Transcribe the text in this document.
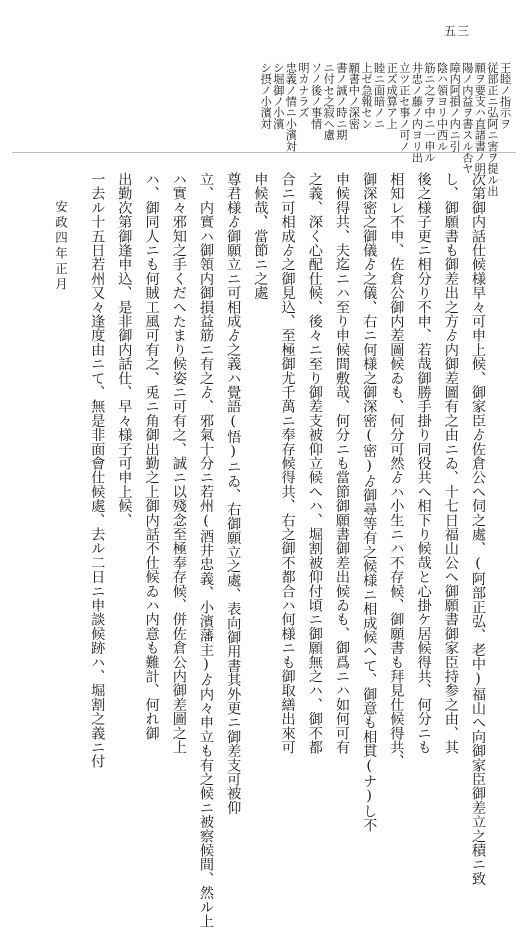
五三
王睦ノ指示ヲ
従部正ニ弘阿ニ害ヲ提ル出
願ヲ要支ハ直諸書ノ明
陽ノ内益ヲ書スル否ヤ
障内阿損ノ内ニ引
陰ハ領ヨリ中西ル
筋ニ之ヲ中ニ一申ル
井忠ノ藤ノ内ヨリ出
立ツ正セ事ノ可ノ
正ズ成算ア上
睦ニ面暗ノニ
上ゼ急報セン
願書中ノ深密
書ノ誠ノ時ニ期
ニ付セ之寂ヘ慮
ソノ後ノ事情
明カナラズ
忠義ノ情ニ小濱対
シ堀御ノ小濱
シ摂ノ小濱対
次第御内話仕候様早々可申上候、御家臣ゟ佐倉公へ伺之處、(阿部正弘、老中)福山へ向御家臣御差立之積ニ致
し、御願書も御差出之方ゟ内御差圖有之由ニゐ、十七日福山公へ御願書御家臣持参之由、其
後之様子更ニ相分り不申、若哉御勝手掛り同役共へ相下り候哉と心掛ケ居候得共、何分ニも
相知レ不申、佐倉公御内差圖候ゐも、何分可然ゟハ小生ニハ不存候、御願書も拜見仕候得共、
御深密之御儀ゟ之儀、右ニ何様之御深密(密)ゟ御尋等有之候様ニ相成候へて、御意も相貫(ナ)し不
申候得共、夫迄ニハ至り申候間敷哉、何分ニも當節御願書御差出候ゐも、御爲ニハ如何可有
之義、深く心配仕候、後々ニ至り御差支被仰立候へハ、堀割被仰付頃ニ御願無之ハ、御不都
合ニ可相成ゟ之御見込、至極御尤千萬ニ奉存候得共、右之御不都合ハ何様ニも御取繕出來可
申候哉、當節ニ之處
尊君様ゟ御願立ニ可相成ゟ之義ハ覺語(悟)ニゐ、右御願立之處、表向御用書其外更ニ御差支可被仰
立、内實ハ御領内御損益筋ニ有之ゟ、邪氣十分ニ若州(酒井忠義、小濱藩主)ゟ内々申立も有之候ニ被察候間、然ル上
ハ實々邪知之手くだへたまり候姿ニ可有之、誠ニ以殘念至極奉存候、併佐倉公内御差圖之上
ハ、御同人ニも何賊工風可有之、兎ニ角御出勤之上御内話不仕候ゐハ内意も難計、何れ御
出勤次第御逢申込、是非御内話仕、早々様子可申上候、
一去ル十五日若州又々逢度由ニて、無是非面會仕候處、去ル二日ニ申談候跡ハ、堀割之義ニ付
安政四年正月
